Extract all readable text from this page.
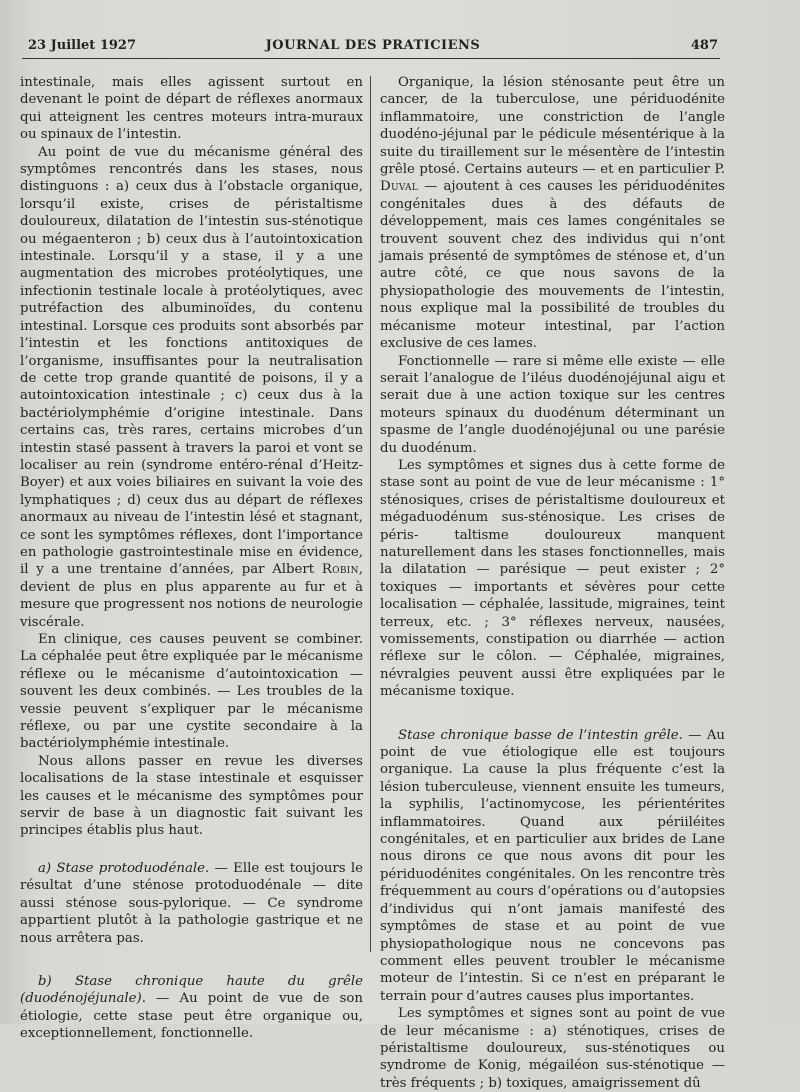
23 Juillet 1927	JOURNAL DES PRATICIENS	487

intestinale, mais elles agissent surtout en devenant le point de départ de réflexes anormaux qui atteignent les centres moteurs intra-muraux ou spinaux de l’intestin.

Au point de vue du mécanisme général des symptômes rencontrés dans les stases, nous distinguons : a) ceux dus à l’obstacle organique, lorsqu’il existe, crises de péristaltisme douloureux, dilatation de l’intestin sus-sténotique ou mégaenteron ; b) ceux dus à l’autointoxication intestinale. Lorsqu’il y a stase, il y a une augmentation des microbes protéolytiques, une infectionin testinale locale à protéolytiques, avec putréfaction des albuminoïdes, du contenu intestinal. Lorsque ces produits sont absorbés par l’intestin et les fonctions antitoxiques de l’organisme, insuffisantes pour la neutralisation de cette trop grande quantité de poisons, il y a autointoxication intestinale ; c) ceux dus à la bactériolymphémie d’origine intestinale. Dans certains cas, très rares, certains microbes d’un intestin stasé passent à travers la paroi et vont se localiser au rein (syndrome entéro-rénal d’Heitz-Boyer) et aux voies biliaires en suivant la voie des lymphatiques ; d) ceux dus au départ de réflexes anormaux au niveau de l’intestin lésé et stagnant, ce sont les symptômes réflexes, dont l’importance en pathologie gastrointestinale mise en évidence, il y a une trentaine d’années, par Albert Robin, devient de plus en plus apparente au fur et à mesure que progressent nos notions de neurologie viscérale.

En clinique, ces causes peuvent se combiner. La céphalée peut être expliquée par le mécanisme réflexe ou le mécanisme d’autointoxication — souvent les deux combinés. — Les troubles de la vessie peuvent s’expliquer par le mécanisme réflexe, ou par une cystite secondaire à la bactériolymphémie intestinale.

Nous allons passer en revue les diverses localisations de la stase intestinale et esquisser les causes et le mécanisme des symptômes pour servir de base à un diagnostic fait suivant les principes établis plus haut.

a) Stase protoduodénale. — Elle est toujours le résultat d’une sténose protoduodénale — dite aussi sténose sous-pylorique. — Ce syndrome appartient plutôt à la pathologie gastrique et ne nous arrêtera pas.

b) Stase chronique haute du grêle (duodénojéjunale). — Au point de vue de son étiologie, cette stase peut être organique ou, exceptionnellement, fonctionnelle.

Organique, la lésion sténosante peut être un cancer, de la tuberculose, une périduodénite inflammatoire, une constriction de l’angle duodéno-jéjunal par le pédicule mésentérique à la suite du tiraillement sur le mésentère de l’intestin grêle ptosé. Certains auteurs — et en particulier P. Duval — ajoutent à ces causes les périduodénites congénitales dues à des défauts de développement, mais ces lames congénitales se trouvent souvent chez des individus qui n’ont jamais présenté de symptômes de sténose et, d’un autre côté, ce que nous savons de la physiopathologie des mouvements de l’intestin, nous explique mal la possibilité de troubles du mécanisme moteur intestinal, par l’action exclusive de ces lames.

Fonctionnelle — rare si même elle existe — elle serait l’analogue de l’iléus duodénojéjunal aigu et serait due à une action toxique sur les centres moteurs spinaux du duodénum déterminant un spasme de l’angle duodénojéjunal ou une parésie du duodénum.

Les symptômes et signes dus à cette forme de stase sont au point de vue de leur mécanisme : 1° sténosiques, crises de péristaltisme douloureux et mégaduodénum sus-sténosique. Les crises de péris- taltisme douloureux manquent naturellement dans les stases fonctionnelles, mais la dilatation — parésique — peut exister ; 2° toxiques — importants et sévères pour cette localisation — céphalée, lassitude, migraines, teint terreux, etc. ; 3° réflexes nerveux, nausées, vomissements, constipation ou diarrhée — action réflexe sur le côlon. — Céphalée, migraines, névralgies peuvent aussi être expliquées par le mécanisme toxique.

Stase chronique basse de l’intestin grêle. — Au point de vue étiologique elle est toujours organique. La cause la plus fréquente c’est la lésion tuberculeuse, viennent ensuite les tumeurs, la syphilis, l’actinomycose, les périentérites inflammatoires. Quand aux périiléites congénitales, et en particulier aux brides de Lane nous dirons ce que nous avons dit pour les périduodénites congénitales. On les rencontre très fréquemment au cours d’opérations ou d’autopsies d’individus qui n’ont jamais manifesté des symptômes de stase et au point de vue physiopathologique nous ne concevons pas comment elles peuvent troubler le mécanisme moteur de l’intestin. Si ce n’est en préparant le terrain pour d’autres causes plus importantes.

Les symptômes et signes sont au point de vue de leur mécanisme : a) sténotiques, crises de péristaltisme douloureux, sus-sténotiques ou syndrome de Konig, mégailéon sus-sténotique — très fréquents ; b) toxiques, amaigrissement dû
